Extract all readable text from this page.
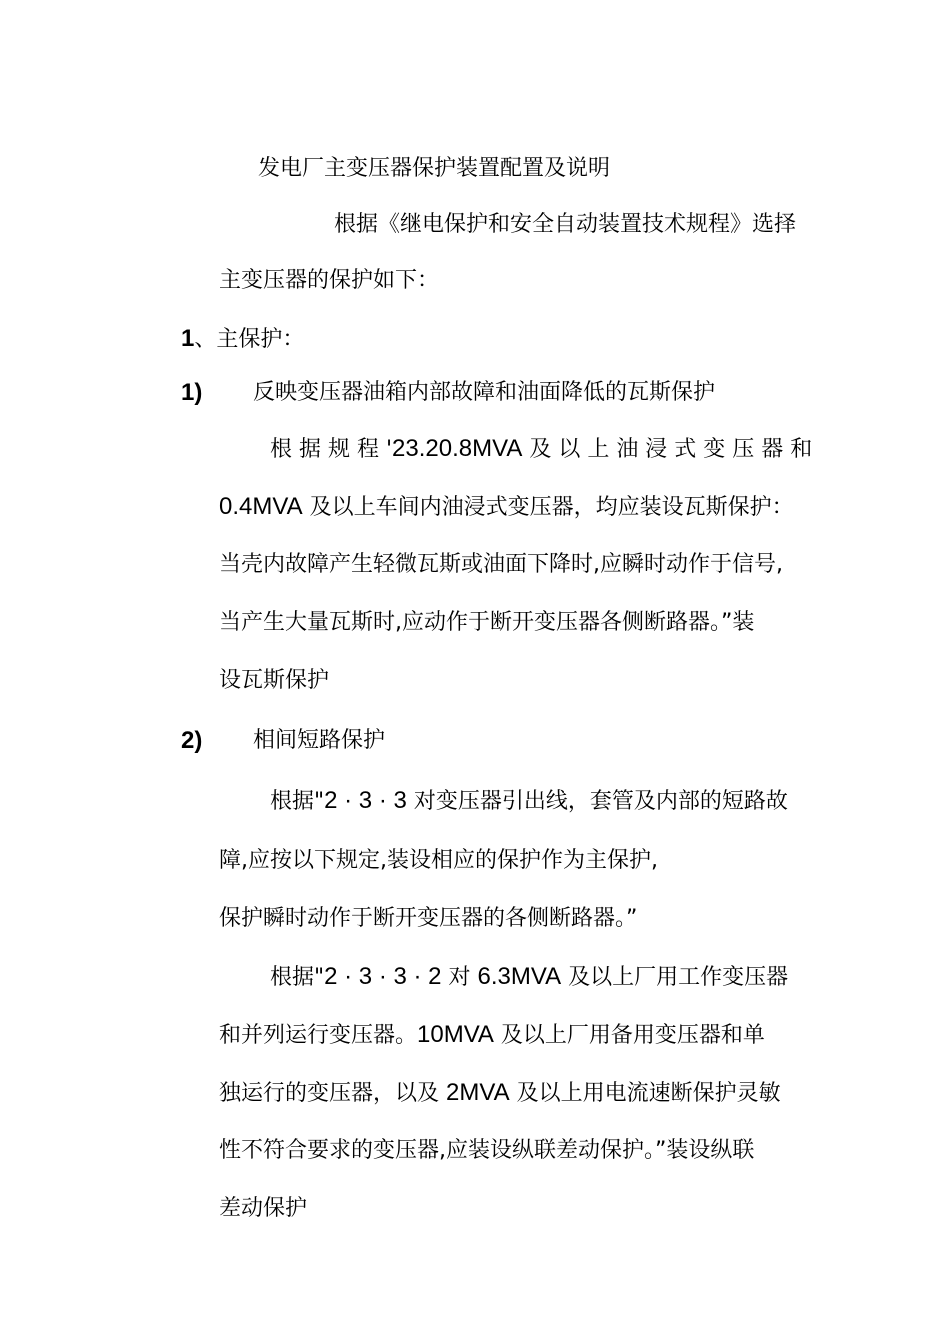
发电厂主变压器保护装置配置及说明
根据《继电保护和安全自动装置技术规程》选择
主变压器的保护如下：
1、主保护：
1) 反映变压器油箱内部故障和油面降低的瓦斯保护
根 据 规 程 '23.20.8MVA 及 以 上 油 浸 式 变 压 器 和
0.4MVA 及以上车间内油浸式变压器，均应装设瓦斯保护：
当壳内故障产生轻微瓦斯或油面下降时,应瞬时动作于信号,
当产生大量瓦斯时,应动作于断开变压器各侧断路器。”装
设瓦斯保护
2) 相间短路保护
根据"2 · 3 · 3 对变压器引出线，套管及内部的短路故
障,应按以下规定,装设相应的保护作为主保护,
保护瞬时动作于断开变压器的各侧断路器。”
根据"2 · 3 · 3 · 2 对 6.3MVA 及以上厂用工作变压器
和并列运行变压器。10MVA 及以上厂用备用变压器和单
独运行的变压器，以及 2MVA 及以上用电流速断保护灵敏
性不符合要求的变压器,应装设纵联差动保护。”装设纵联
差动保护
